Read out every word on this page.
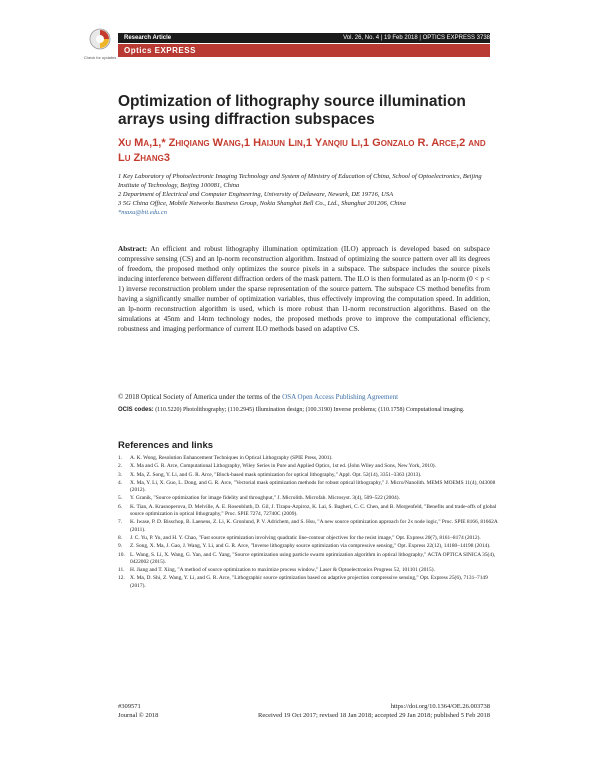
Check for updates
Research Article	Vol. 26, No. 4 | 19 Feb 2018 | OPTICS EXPRESS 3738
Optics EXPRESS
Optimization of lithography source illumination arrays using diffraction subspaces

Xu Ma,1,* Zhiqiang Wang,1 Haijun Lin,1 Yanqiu Li,1 Gonzalo R. Arce,2 and Lu Zhang3

1 Key Laboratory of Photoelectronic Imaging Technology and System of Ministry of Education of China, School of Optoelectronics, Beijing Institute of Technology, Beijing 100081, China
2 Department of Electrical and Computer Engineering, University of Delaware, Newark, DE 19716, USA
3 5G China Office, Mobile Networks Business Group, Nokia Shanghai Bell Co., Ltd., Shanghai 201206, China
*maxu@bit.edu.cn

Abstract: An efficient and robust lithography illumination optimization (ILO) approach is developed based on subspace compressive sensing (CS) and an lp-norm reconstruction algorithm. Instead of optimizing the source pattern over all its degrees of freedom, the proposed method only optimizes the source pixels in a subspace. The subspace includes the source pixels inducing interference between different diffraction orders of the mask pattern. The ILO is then formulated as an lp-norm (0 < p < 1) inverse reconstruction problem under the sparse representation of the source pattern. The subspace CS method benefits from having a significantly smaller number of optimization variables, thus effectively improving the computation speed. In addition, an lp-norm reconstruction algorithm is used, which is more robust than l1-norm reconstruction algorithms. Based on the simulations at 45nm and 14nm technology nodes, the proposed methods prove to improve the computational efficiency, robustness and imaging performance of current ILO methods based on adaptive CS.

© 2018 Optical Society of America under the terms of the OSA Open Access Publishing Agreement

OCIS codes: (110.5220) Photolithography; (110.2945) Illumination design; (100.3190) Inverse problems; (110.1758) Computational imaging.

References and links
1. A. K. Wong, Resolution Enhancement Techniques in Optical Lithography (SPIE Press, 2001).
2. X. Ma and G. R. Arce, Computational Lithography, Wiley Series in Pure and Applied Optics, 1st ed. (John Wiley and Sons, New York, 2010).
3. X. Ma, Z. Song, Y. Li, and G. R. Arce, "Block-based mask optimization for optical lithography," Appl. Opt. 52(14), 3351–3363 (2013).
4. X. Ma, Y. Li, X. Guo, L. Dong, and G. R. Arce, "Vectorial mask optimization methods for robust optical lithography," J. Micro/Nanolith. MEMS MOEMS 11(4), 043008 (2012).
5. Y. Granik, "Source optimization for image fidelity and throughput," J. Microlith. Microfab. Microsyst. 3(4), 509–522 (2004).
6. K. Tian, A. Krasnoperova, D. Melville, A. E. Rosenbluth, D. Gil, J. Tirapu-Azpiroz, K. Lai, S. Bagheri, C. C. Chen, and B. Morgenfeld, "Benefits and trade-offs of global source optimization in optical lithography," Proc. SPIE 7274, 72740C (2009).
7. K. Iwase, P. D. Bisschop, B. Laenens, Z. Li, K. Gronlund, P. V. Adrichem, and S. Hsu, "A new source optimization approach for 2x node logic," Proc. SPIE 8166, 81662A (2011).
8. J. C. Yu, P. Yu, and H. Y. Chao, "Fast source optimization involving quadratic line-contour objectives for the resist image," Opt. Express 20(7), 8161–8174 (2012).
9. Z. Song, X. Ma, J. Gao, J. Wang, Y. Li, and G. R. Arce, "Inverse lithography source optimization via compressive sensing," Opt. Express 22(12), 14180–14198 (2014).
10. L. Wang, S. Li, X. Wang, G. Yan, and C. Yang, "Source optimization using particle swarm optimization algorithm in optical lithography," ACTA OPTICA SINICA 35(4), 0422002 (2015).
11. H. Jiang and T. Xing, "A method of source optimization to maximize process window," Laser & Optoelectronics Progress 52, 101101 (2015).
12. X. Ma, D. Shi, Z. Wang, Y. Li, and G. R. Arce, "Lithographic source optimization based on adaptive projection compressive sensing," Opt. Express 25(6), 7131–7149 (2017).
#309571
Journal © 2018
https://doi.org/10.1364/OE.26.003738
Received 19 Oct 2017; revised 18 Jan 2018; accepted 29 Jan 2018; published 5 Feb 2018
